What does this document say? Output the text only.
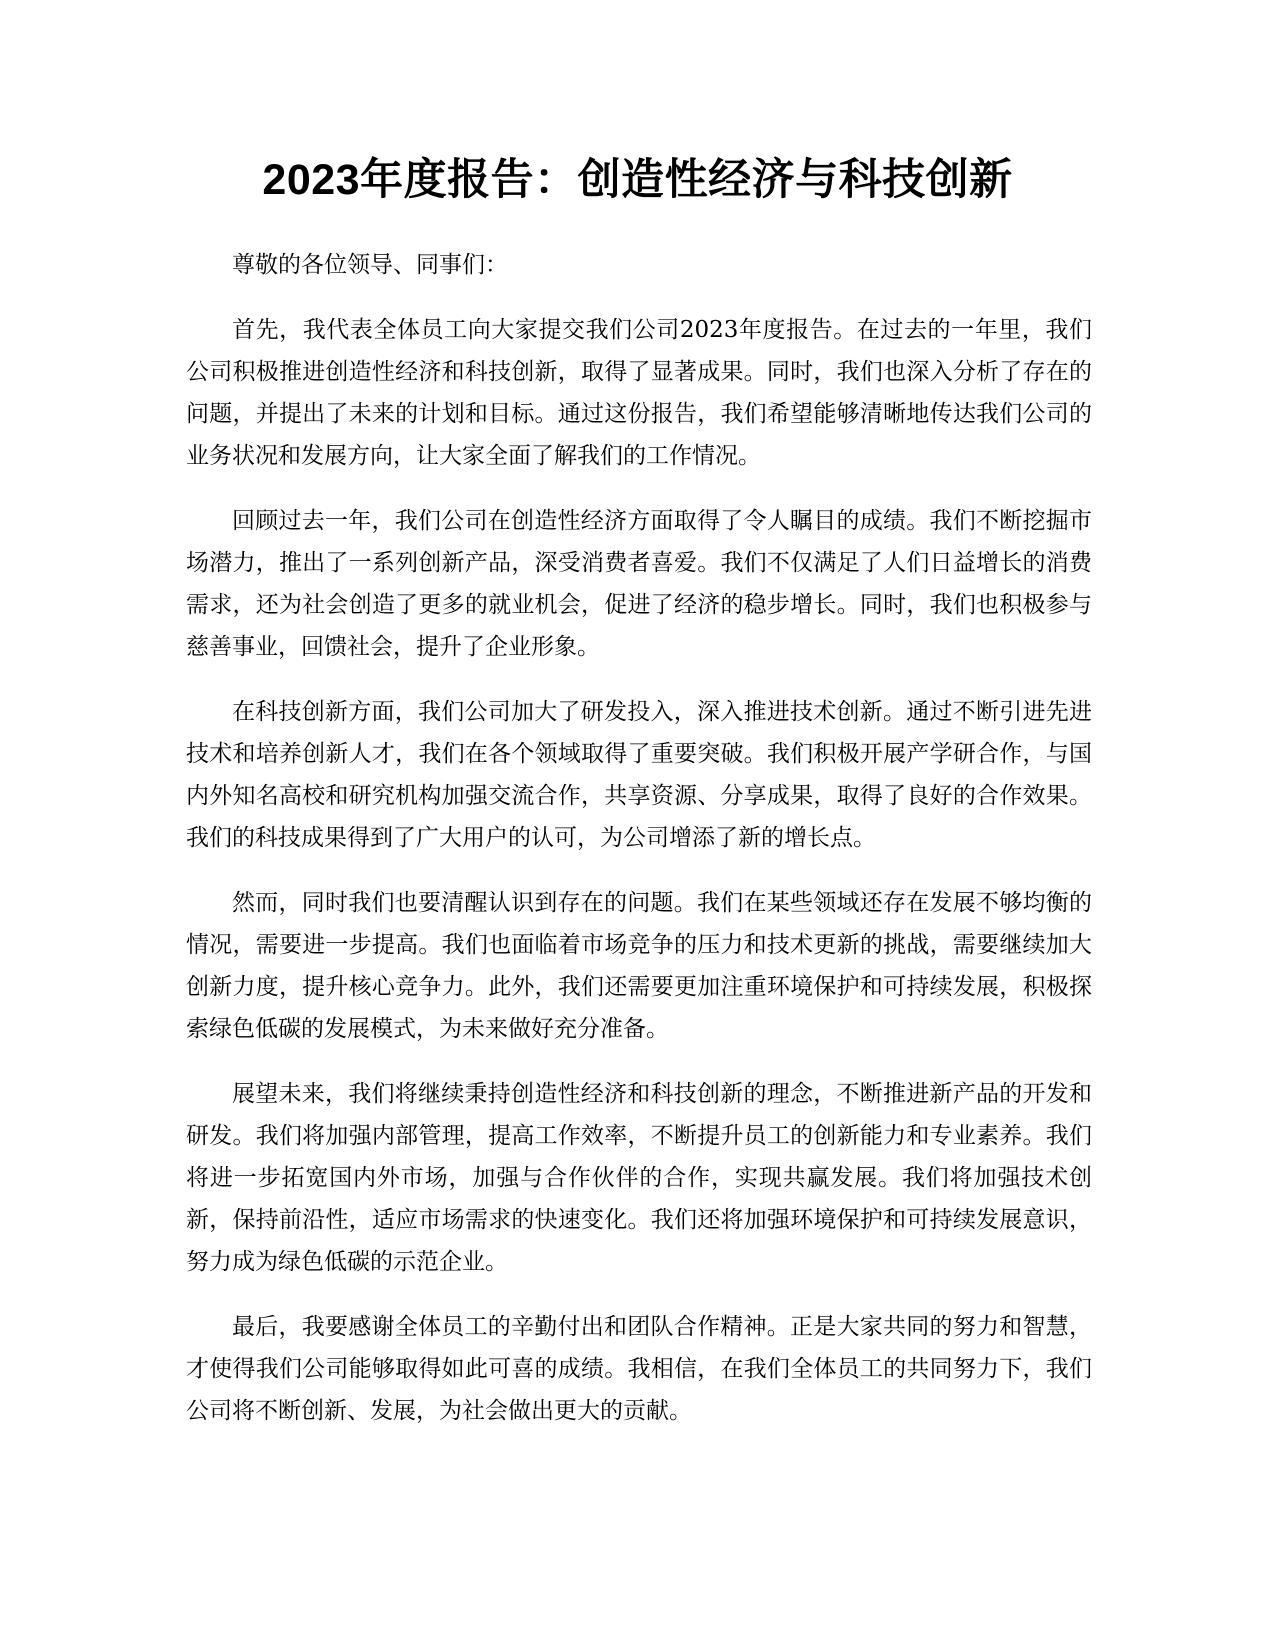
2023年度报告：创造性经济与科技创新

尊敬的各位领导、同事们：

首先，我代表全体员工向大家提交我们公司2023年度报告。在过去的一年里，我们公司积极推进创造性经济和科技创新，取得了显著成果。同时，我们也深入分析了存在的问题，并提出了未来的计划和目标。通过这份报告，我们希望能够清晰地传达我们公司的业务状况和发展方向，让大家全面了解我们的工作情况。

回顾过去一年，我们公司在创造性经济方面取得了令人瞩目的成绩。我们不断挖掘市场潜力，推出了一系列创新产品，深受消费者喜爱。我们不仅满足了人们日益增长的消费需求，还为社会创造了更多的就业机会，促进了经济的稳步增长。同时，我们也积极参与慈善事业，回馈社会，提升了企业形象。

在科技创新方面，我们公司加大了研发投入，深入推进技术创新。通过不断引进先进技术和培养创新人才，我们在各个领域取得了重要突破。我们积极开展产学研合作，与国内外知名高校和研究机构加强交流合作，共享资源、分享成果，取得了良好的合作效果。我们的科技成果得到了广大用户的认可，为公司增添了新的增长点。

然而，同时我们也要清醒认识到存在的问题。我们在某些领域还存在发展不够均衡的情况，需要进一步提高。我们也面临着市场竞争的压力和技术更新的挑战，需要继续加大创新力度，提升核心竞争力。此外，我们还需要更加注重环境保护和可持续发展，积极探索绿色低碳的发展模式，为未来做好充分准备。

展望未来，我们将继续秉持创造性经济和科技创新的理念，不断推进新产品的开发和研发。我们将加强内部管理，提高工作效率，不断提升员工的创新能力和专业素养。我们将进一步拓宽国内外市场，加强与合作伙伴的合作，实现共赢发展。我们将加强技术创新，保持前沿性，适应市场需求的快速变化。我们还将加强环境保护和可持续发展意识，努力成为绿色低碳的示范企业。

最后，我要感谢全体员工的辛勤付出和团队合作精神。正是大家共同的努力和智慧，才使得我们公司能够取得如此可喜的成绩。我相信，在我们全体员工的共同努力下，我们公司将不断创新、发展，为社会做出更大的贡献。
